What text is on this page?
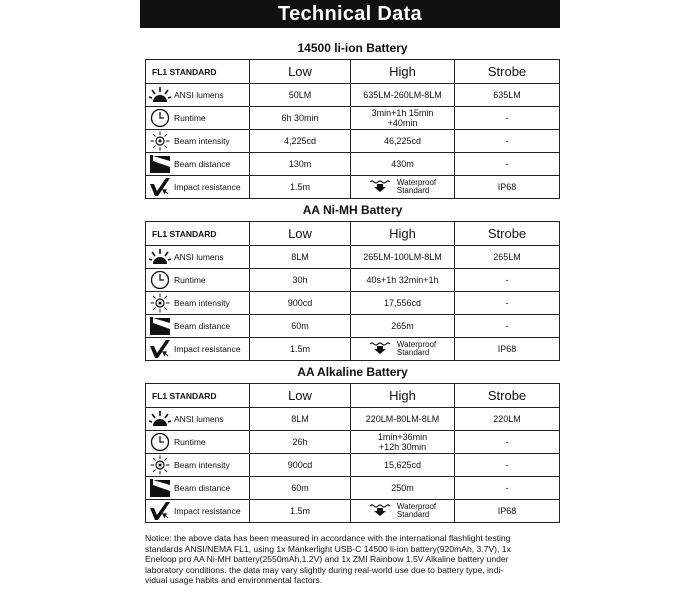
Technical Data
14500 li-ion Battery			
FL1 STANDARD	Low	High	Strobe

ANSI lumens	50LM	635LM-260LM-8LM	635LM

Runtime	6h 30min	3min+1h 15min
+40min	-

Beam intensity	4,225cd	46,225cd	-

Beam distance	130m	430m	-

Impact resistance	1.5m	Waterproof
Standard	IP68
AA Ni-MH Battery			
FL1 STANDARD	Low	High	Strobe

ANSI lumens	8LM	265LM-100LM-8LM	265LM

Runtime	30h	40s+1h 32min+1h	-

Beam intensity	900cd	17,556cd	-

Beam distance	60m	265m	-

Impact resistance	1.5m	Waterproof
Standard	IP68
AA Alkaline Battery			
FL1 STANDARD	Low	High	Strobe

ANSI lumens	8LM	220LM-80LM-8LM	220LM

Runtime	26h	1min+36min
+12h 30min	-

Beam intensity	900cd	15,625cd	-

Beam distance	60m	250m	-

Impact resistance	1.5m	Waterproof
Standard	IP68
Notice: the above data has been measured in accordance with the international flashlight testing
standards ANSI/NEMA FL1, using 1x Mankerlight USB-C 14500 li-ion battery(920mAh, 3.7V), 1x
Eneloop pro AA Ni-MH battery(2550mAh,1.2V) and 1x ZMI Rainbow 1.5V Alkaline battery under
laboratory conditions. the data may vary slightly during real-world use due to battery type, indi-
vidual usage habits and environmental factors.
